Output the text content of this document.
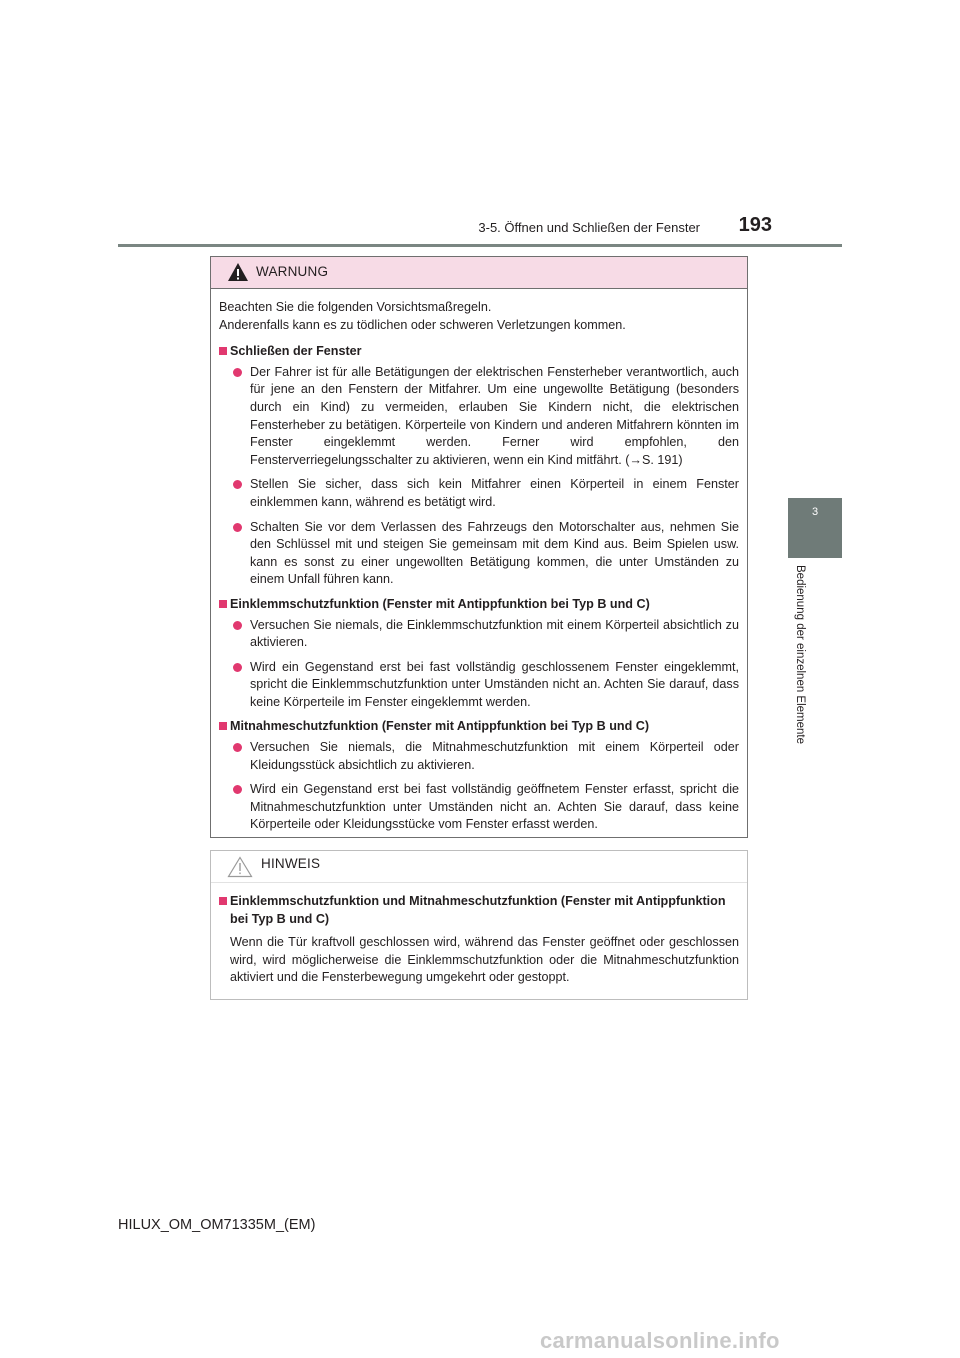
3-5. Öffnen und Schließen der Fenster	193
3
Bedienung der einzelnen Elemente
WARNUNG

Beachten Sie die folgenden Vorsichtsmaßregeln.
Anderenfalls kann es zu tödlichen oder schweren Verletzungen kommen.

Schließen der Fenster

Der Fahrer ist für alle Betätigungen der elektrischen Fensterheber verantwortlich, auch für jene an den Fenstern der Mitfahrer. Um eine ungewollte Betätigung (besonders durch ein Kind) zu vermeiden, erlauben Sie Kindern nicht, die elektrischen Fensterheber zu betätigen. Körperteile von Kindern und anderen Mitfahrern könnten im Fenster eingeklemmt werden. Ferner wird empfohlen, den Fensterverriegelungsschalter zu aktivieren, wenn ein Kind mitfährt. (→S. 191)

Stellen Sie sicher, dass sich kein Mitfahrer einen Körperteil in einem Fenster einklemmen kann, während es betätigt wird.

Schalten Sie vor dem Verlassen des Fahrzeugs den Motorschalter aus, nehmen Sie den Schlüssel mit und steigen Sie gemeinsam mit dem Kind aus. Beim Spielen usw. kann es sonst zu einer ungewollten Betätigung kommen, die unter Umständen zu einem Unfall führen kann.

Einklemmschutzfunktion (Fenster mit Antippfunktion bei Typ B und C)

Versuchen Sie niemals, die Einklemmschutzfunktion mit einem Körperteil absichtlich zu aktivieren.

Wird ein Gegenstand erst bei fast vollständig geschlossenem Fenster eingeklemmt, spricht die Einklemmschutzfunktion unter Umständen nicht an. Achten Sie darauf, dass keine Körperteile im Fenster eingeklemmt werden.

Mitnahmeschutzfunktion (Fenster mit Antippfunktion bei Typ B und C)

Versuchen Sie niemals, die Mitnahmeschutzfunktion mit einem Körperteil oder Kleidungsstück absichtlich zu aktivieren.

Wird ein Gegenstand erst bei fast vollständig geöffnetem Fenster erfasst, spricht die Mitnahmeschutzfunktion unter Umständen nicht an. Achten Sie darauf, dass keine Körperteile oder Kleidungsstücke vom Fenster erfasst werden.

HINWEIS
Einklemmschutzfunktion und Mitnahmeschutzfunktion (Fenster mit Antippfunktion bei Typ B und C)

Wenn die Tür kraftvoll geschlossen wird, während das Fenster geöffnet oder geschlossen wird, wird möglicherweise die Einklemmschutzfunktion oder die Mitnahmeschutzfunktion aktiviert und die Fensterbewegung umgekehrt oder gestoppt.

HILUX_OM_OM71335M_(EM)
carmanualsonline.info
